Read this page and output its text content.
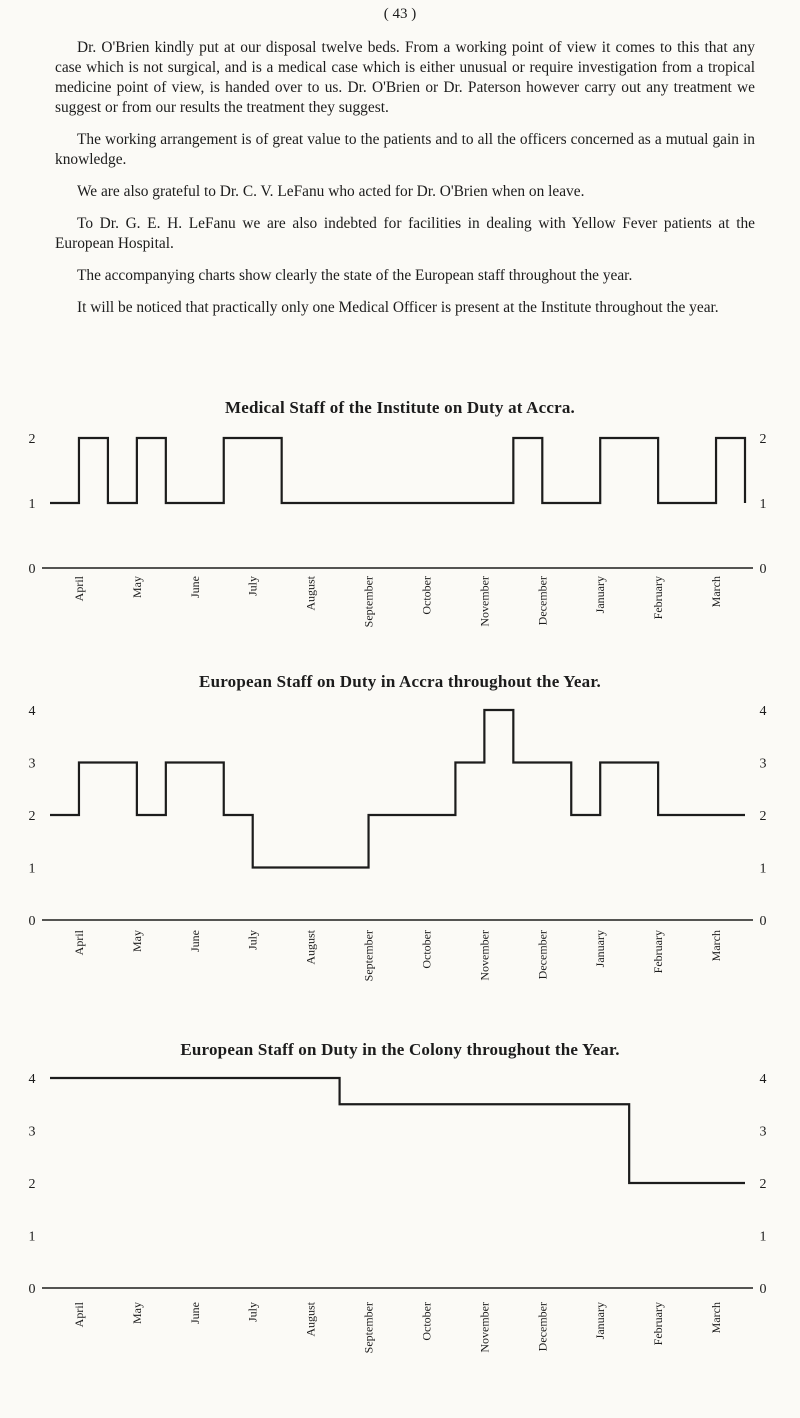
( 43 )

Dr. O'Brien kindly put at our disposal twelve beds. From a working point of view it comes to this that any case which is not surgical, and is a medical case which is either unusual or require investigation from a tropical medicine point of view, is handed over to us. Dr. O'Brien or Dr. Paterson however carry out any treatment we suggest or from our results the treatment they suggest.

The working arrangement is of great value to the patients and to all the officers concerned as a mutual gain in knowledge.

We are also grateful to Dr. C. V. LeFanu who acted for Dr. O'Brien when on leave.

To Dr. G. E. H. LeFanu we are also indebted for facilities in dealing with Yellow Fever patients at the European Hospital.

The accompanying charts show clearly the state of the European staff throughout the year.

It will be noticed that practically only one Medical Officer is present at the Institute throughout the year.

Medical Staff of the Institute on Duty at Accra.
0	0
1	1
2	2
April	May	June	July	August	September	October	November	December	January	February	March
European Staff on Duty in Accra throughout the Year.
0	0
1	1
2	2
3	3
4	4
April	May	June	July	August	September	October	November	December	January	February	March
European Staff on Duty in the Colony throughout the Year.
0	0
1	1
2	2
3	3
4	4
April	May	June	July	August	September	October	November	December	January	February	March
